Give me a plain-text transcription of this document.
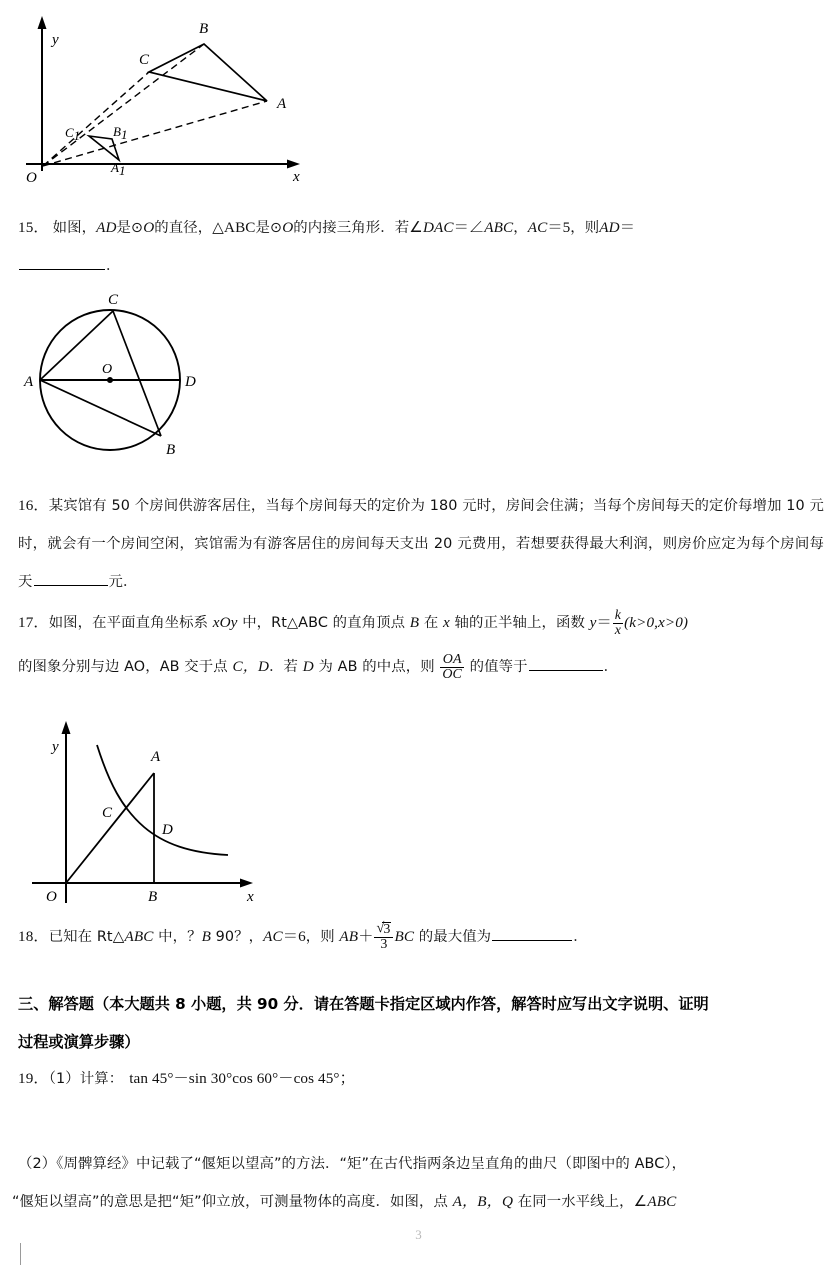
y
x
O
A
B
C
A1
B1
C1
15． 如图，AD是⊙O的直径，△ABC是⊙O的内接三角形．若∠DAC＝∠ABC，AC＝5，则AD＝
．
C
A	D
B
O
16．某宾馆有 50 个房间供游客居住，当每个房间每天的定价为 180 元时，房间会住满；当每个房间每天的定价每增加 10 元时，就会有一个房间空闲，宾馆需为有游客居住的房间每天支出 20 元费用，若想要获得最大利润，则房价应定为每个房间每天	元．
17．如图，在平面直角坐标系 xOy 中，Rt△ABC 的直角顶点 B 在 x 轴的正半轴上，函数 $y= \frac{k}{x} (k>0,x>0)$
的图象分别与边 AO，AB 交于点 C，D．若 D 为 AB 的中点，则 $\frac{OA}{OC}$ 的值等于	．
y
x
O
A
B
C
D
18．已知在 Rt△ABC 中，？B 90？，AC＝6，则 AB＋ √ $\frac{3}{3}$ BC 的最大值为	．
三、解答题（本大题共 8 小题，共 90 分．请在答题卡指定区域内作答，解答时应写出文字说明、证明
过程或演算步骤）
19．（1）计算： tan 45°－sin 30°cos 60°－cos 45°；
（2）《周髀算经》中记载了“偃矩以望高”的方法．“矩”在古代指两条边呈直角的曲尺（即图中的 ABC），
“偃矩以望高”的意思是把“矩”仰立放，可测量物体的高度．如图，点 A，B，Q 在同一水平线上，∠ABC
3
